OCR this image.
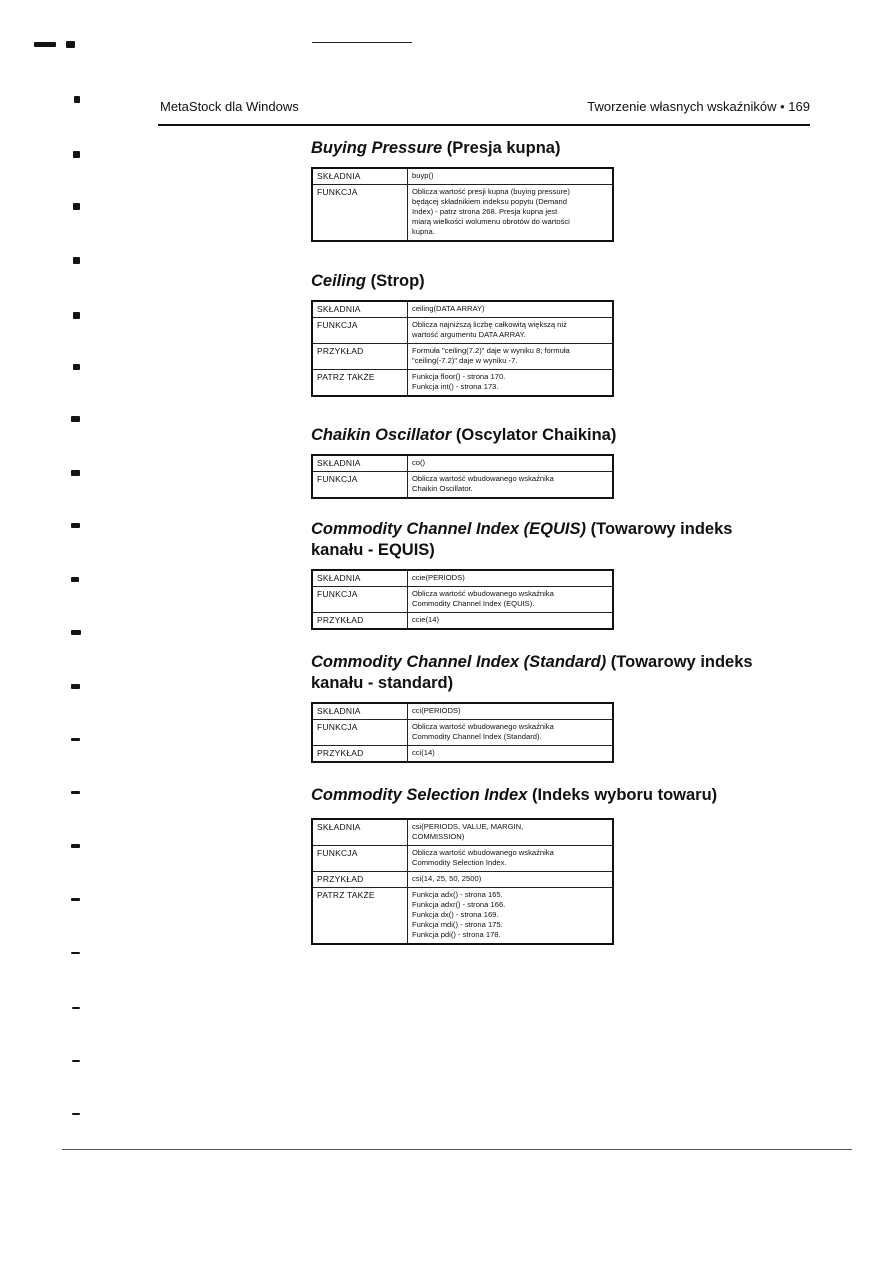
MetaStock dla Windows	Tworzenie własnych wskaźników • 169
Buying Pressure (Presja kupna)
SKŁADNIA	buyp()

FUNKCJA	Oblicza wartość presji kupna (buying pressure)
będącej składnikiem indeksu popytu (Demand
Index) - patrz strona 268. Presja kupna jest
miarą wielkości wolumenu obrotów do wartości
kupna.
Ceiling (Strop)
SKŁADNIA	ceiling(DATA ARRAY)

FUNKCJA	Oblicza najniższą liczbę całkowitą większą niż
wartość argumentu DATA ARRAY.

PRZYKŁAD	Formuła "ceiling(7.2)" daje w wyniku 8; formuła
"ceiling(-7.2)" daje w wyniku -7.

PATRZ TAKŻE	Funkcja floor() - strona 170.
Funkcja int() - strona 173.
Chaikin Oscillator (Oscylator Chaikina)
SKŁADNIA	co()

FUNKCJA	Oblicza wartość wbudowanego wskaźnika
Chaikin Oscillator.
Commodity Channel Index (EQUIS) (Towarowy indeks kanału - EQUIS)
SKŁADNIA	ccie(PERIODS)

FUNKCJA	Oblicza wartość wbudowanego wskaźnika
Commodity Channel Index (EQUIS).

PRZYKŁAD	ccie(14)
Commodity Channel Index (Standard) (Towarowy indeks kanału - standard)
SKŁADNIA	cci(PERIODS)

FUNKCJA	Oblicza wartość wbudowanego wskaźnika
Commodity Channel Index (Standard).

PRZYKŁAD	cci(14)
Commodity Selection Index (Indeks wyboru towaru)
SKŁADNIA	csi(PERIODS, VALUE, MARGIN,
COMMISSION)

FUNKCJA	Oblicza wartość wbudowanego wskaźnika
Commodity Selection Index.

PRZYKŁAD	csi(14, 25, 50, 2500)

PATRZ TAKŻE	Funkcja adx() - strona 165.
Funkcja adxr() - strona 166.
Funkcja dx() - strona 169.
Funkcja mdi() - strona 175.
Funkcja pdi() - strona 178.
